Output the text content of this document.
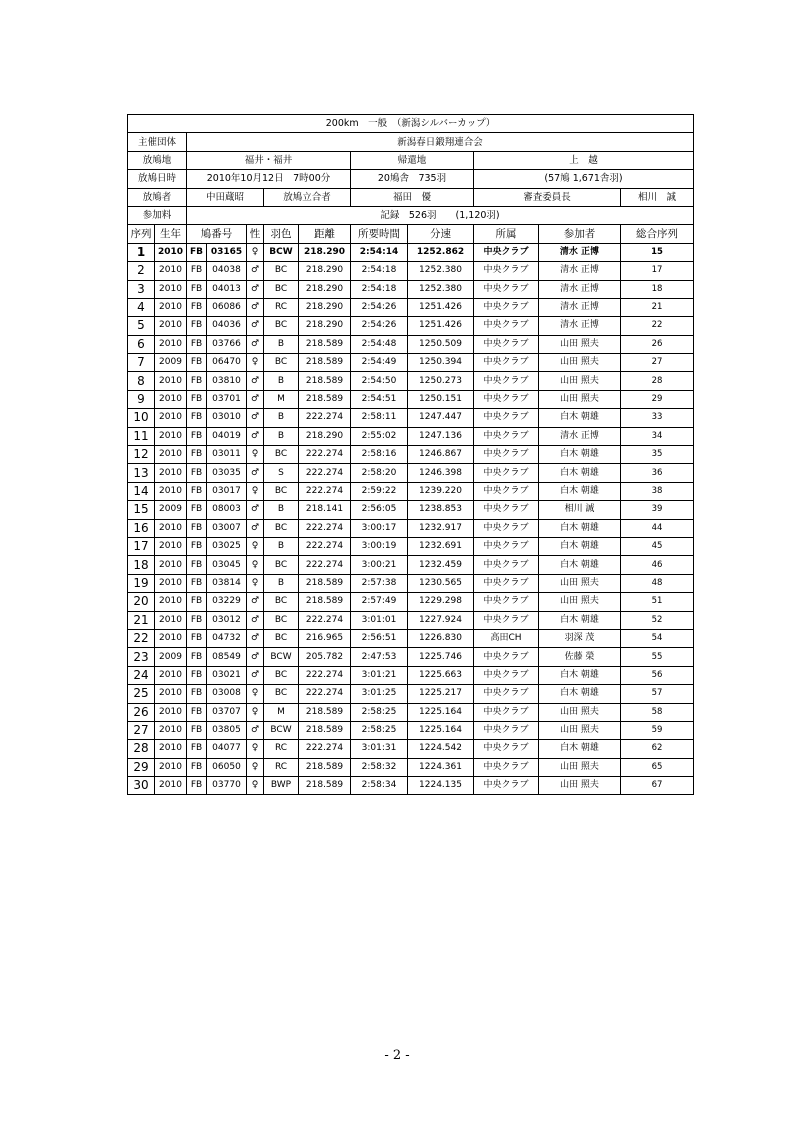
200km　一般　（新潟シルバーカップ）											
主催団体		新潟春日鍛翔連合会									
放鳩地		福井・福井					帰還地		上　越		
放鳩日時		2010年10月12日　7時00分					20鳩舎　735羽		(57鳩 1,671舎羽)		
放鳩者		中田蔵昭			放鳩立合者		福田　優		審査委員長		相川　誠
参加料		記録　526羽　　(1,120羽)									
序列	生年	鳩番号		性	羽色	距離	所要時間	分速	所属	参加者	総合序列
1	2010	FB	03165	♀	BCW	218.290	2:54:14	1252.862	中央クラブ	清水 正博	15
2	2010	FB	04038	♂	BC	218.290	2:54:18	1252.380	中央クラブ	清水 正博	17
3	2010	FB	04013	♂	BC	218.290	2:54:18	1252.380	中央クラブ	清水 正博	18
4	2010	FB	06086	♂	RC	218.290	2:54:26	1251.426	中央クラブ	清水 正博	21
5	2010	FB	04036	♂	BC	218.290	2:54:26	1251.426	中央クラブ	清水 正博	22
6	2010	FB	03766	♂	B	218.589	2:54:48	1250.509	中央クラブ	山田 照夫	26
7	2009	FB	06470	♀	BC	218.589	2:54:49	1250.394	中央クラブ	山田 照夫	27
8	2010	FB	03810	♂	B	218.589	2:54:50	1250.273	中央クラブ	山田 照夫	28
9	2010	FB	03701	♂	M	218.589	2:54:51	1250.151	中央クラブ	山田 照夫	29
10	2010	FB	03010	♂	B	222.274	2:58:11	1247.447	中央クラブ	白木 朝雄	33
11	2010	FB	04019	♂	B	218.290	2:55:02	1247.136	中央クラブ	清水 正博	34
12	2010	FB	03011	♀	BC	222.274	2:58:16	1246.867	中央クラブ	白木 朝雄	35
13	2010	FB	03035	♂	S	222.274	2:58:20	1246.398	中央クラブ	白木 朝雄	36
14	2010	FB	03017	♀	BC	222.274	2:59:22	1239.220	中央クラブ	白木 朝雄	38
15	2009	FB	08003	♂	B	218.141	2:56:05	1238.853	中央クラブ	相川 誠	39
16	2010	FB	03007	♂	BC	222.274	3:00:17	1232.917	中央クラブ	白木 朝雄	44
17	2010	FB	03025	♀	B	222.274	3:00:19	1232.691	中央クラブ	白木 朝雄	45
18	2010	FB	03045	♀	BC	222.274	3:00:21	1232.459	中央クラブ	白木 朝雄	46
19	2010	FB	03814	♀	B	218.589	2:57:38	1230.565	中央クラブ	山田 照夫	48
20	2010	FB	03229	♂	BC	218.589	2:57:49	1229.298	中央クラブ	山田 照夫	51
21	2010	FB	03012	♂	BC	222.274	3:01:01	1227.924	中央クラブ	白木 朝雄	52
22	2010	FB	04732	♂	BC	216.965	2:56:51	1226.830	高田CH	羽深 茂	54
23	2009	FB	08549	♂	BCW	205.782	2:47:53	1225.746	中央クラブ	佐藤 榮	55
24	2010	FB	03021	♂	BC	222.274	3:01:21	1225.663	中央クラブ	白木 朝雄	56
25	2010	FB	03008	♀	BC	222.274	3:01:25	1225.217	中央クラブ	白木 朝雄	57
26	2010	FB	03707	♀	M	218.589	2:58:25	1225.164	中央クラブ	山田 照夫	58
27	2010	FB	03805	♂	BCW	218.589	2:58:25	1225.164	中央クラブ	山田 照夫	59
28	2010	FB	04077	♀	RC	222.274	3:01:31	1224.542	中央クラブ	白木 朝雄	62
29	2010	FB	06050	♀	RC	218.589	2:58:32	1224.361	中央クラブ	山田 照夫	65
30	2010	FB	03770	♀	BWP	218.589	2:58:34	1224.135	中央クラブ	山田 照夫	67
- 2 -
